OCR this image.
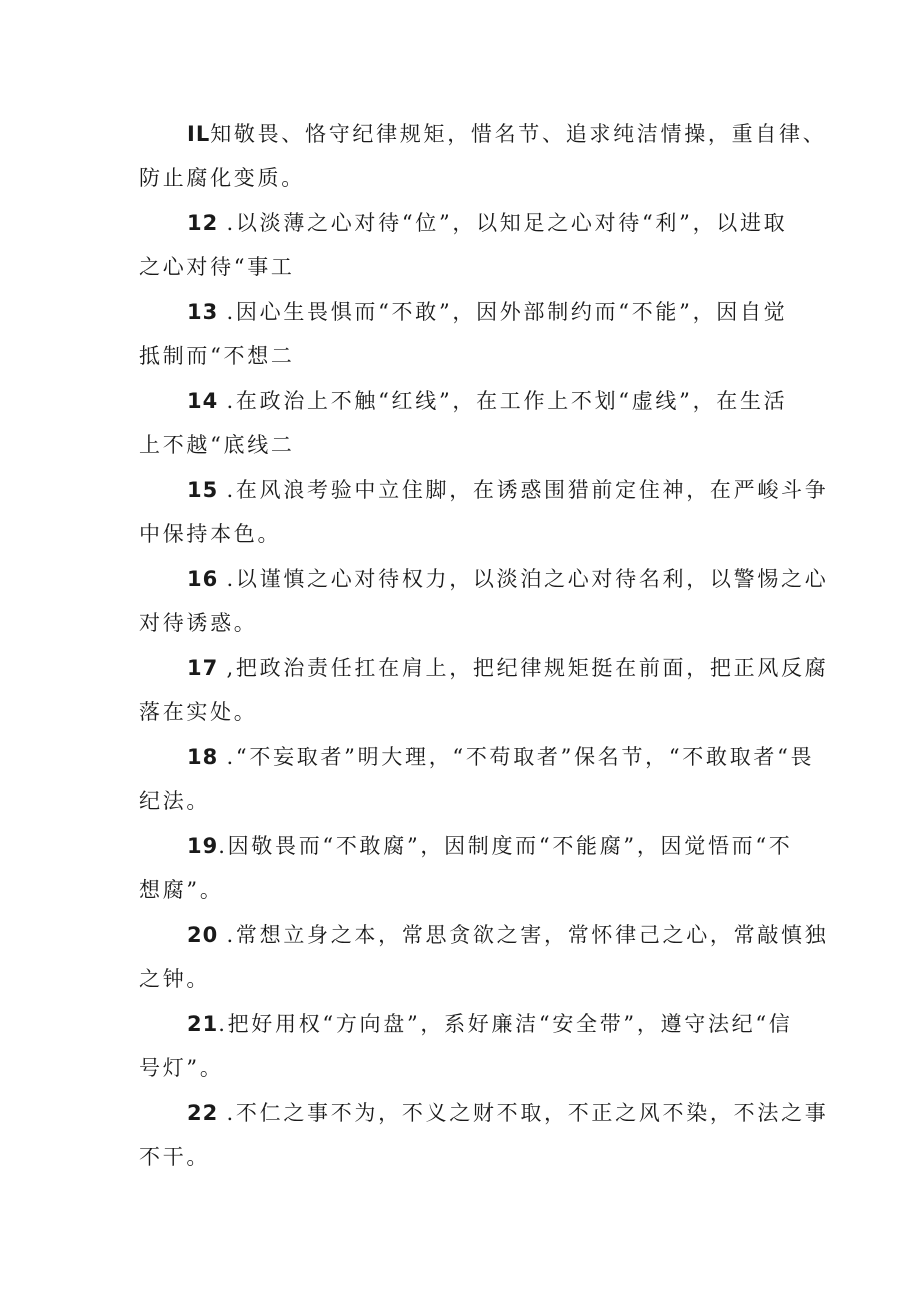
IL知敬畏、恪守纪律规矩，惜名节、追求纯洁情操，重自律、
防止腐化变质。
12 .以淡薄之心对待“位”，以知足之心对待“利”，以进取
之心对待“事工
13 .因心生畏惧而“不敢”，因外部制约而“不能”，因自觉
抵制而“不想二
14 .在政治上不触“红线”，在工作上不划“虚线”，在生活
上不越“底线二
15 .在风浪考验中立住脚，在诱惑围猎前定住神，在严峻斗争
中保持本色。
16 .以谨慎之心对待权力，以淡泊之心对待名利，以警惕之心
对待诱惑。
17 ,把政治责任扛在肩上，把纪律规矩挺在前面，把正风反腐
落在实处。
18 .“不妄取者”明大理，“不苟取者”保名节，“不敢取者“畏
纪法。
19.因敬畏而“不敢腐”，因制度而“不能腐”，因觉悟而“不
想腐”。
20 .常想立身之本，常思贪欲之害，常怀律己之心，常敲慎独
之钟。
21.把好用权“方向盘”，系好廉洁“安全带”，遵守法纪“信
号灯”。
22 .不仁之事不为，不义之财不取，不正之风不染，不法之事
不干。
